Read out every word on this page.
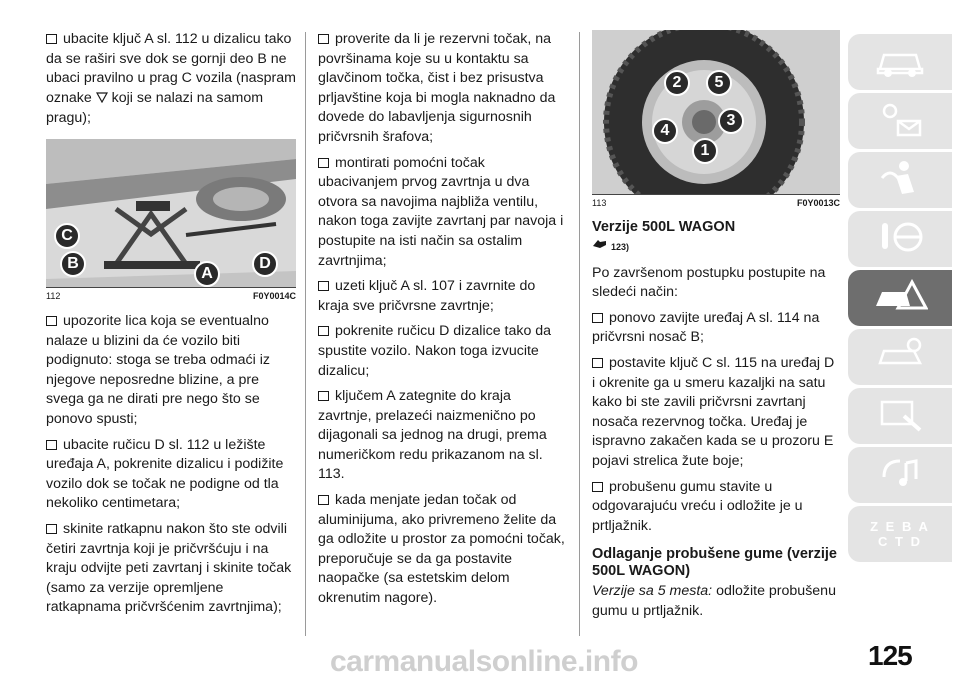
ubacite ključ A sl. 112 u dizalicu tako da se raširi sve dok se gornji deo B ne ubaci pravilno u prag C vozila (naspram oznake  koji se nalazi na samom pragu);

C
B
A
D
112	F0Y0014C

upozorite lica koja se eventualno nalaze u blizini da će vozilo biti podignuto: stoga se treba odmaći iz njegove neposredne blizine, a pre svega ga ne dirati pre nego što se ponovo spusti;

ubacite ručicu D sl. 112 u ležište uređaja A, pokrenite dizalicu i podižite vozilo dok se točak ne podigne od tla nekoliko centimetara;

skinite ratkapnu nakon što ste odvili četiri zavrtnja koji je pričvršćuju i na kraju odvijte peti zavrtanj i skinite točak (samo za verzije opremljene ratkapnama pričvršćenim zavrtnjima);

proverite da li je rezervni točak, na površinama koje su u kontaktu sa glavčinom točka, čist i bez prisustva prljavštine koja bi mogla naknadno da dovede do labavljenja sigurnosnih pričvrsnih šrafova;

montirati pomoćni točak ubacivanjem prvog zavrtnja u dva otvora sa navojima najbliža ventilu, nakon toga zavijte zavrtanj par navoja i postupite na isti način sa ostalim zavrtnjima;

uzeti ključ A sl. 107 i zavrnite do kraja sve pričvrsne zavrtnje;

pokrenite ručicu D dizalice tako da spustite vozilo. Nakon toga izvucite dizalicu;

ključem A zategnite do kraja zavrtnje, prelazeći naizmenično po dijagonali sa jednog na drugi, prema numeričkom redu prikazanom na sl. 113.

kada menjate jedan točak od aluminijuma, ako privremeno želite da ga odložite u prostor za pomoćni točak, preporučuje se da ga postavite naopačke (sa estetskim delom okrenutim nagore).

2	5
4
3
1
113	F0Y0013C
Verzije 500L WAGON
123)

Po završenom postupku postupite na sledeći način:

ponovo zavijte uređaj A sl. 114 na pričvrsni nosač B;

postavite ključ C sl. 115 na uređaj D i okrenite ga u smeru kazaljki na satu kako bi ste zavili pričvrsni zavrtanj nosača rezervnog točka. Uređaj je ispravno zakačen kada se u prozoru E pojavi strelica žute boje;

probušenu gumu stavite u odgovarajuću vreću i odložite je u prtljažnik.

Odlaganje probušene gume (verzije 500L WAGON)

Verzije sa 5 mesta: odložite probušenu gumu u prtljažnik.

Z E B A C T D
carmanualsonline.info	125
